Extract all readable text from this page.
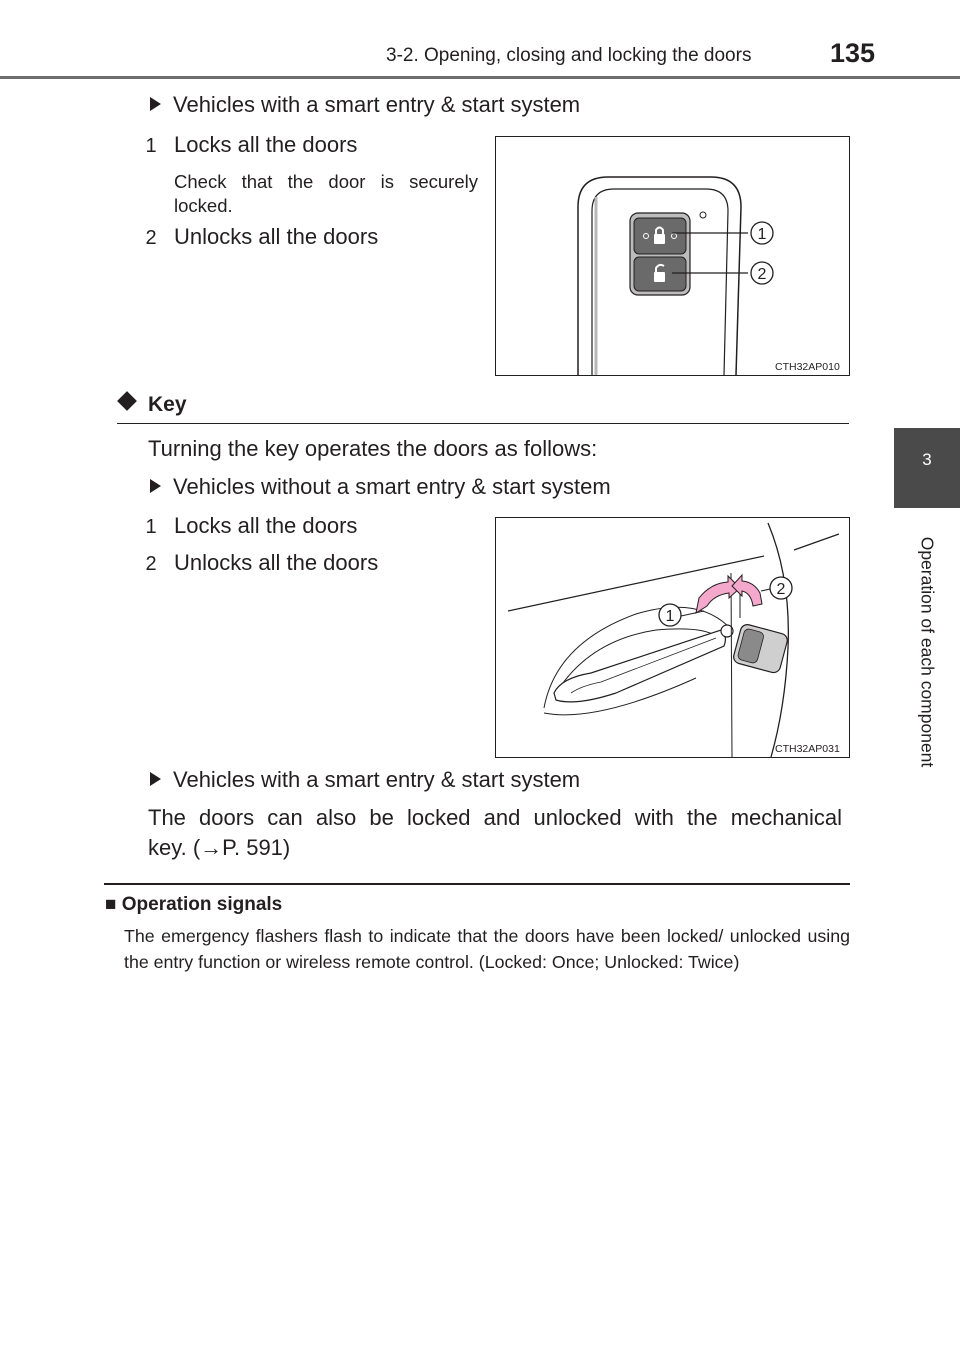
3-2. Opening, closing and locking the doors	135
3
Operation of each component
Vehicles with a smart entry & start system
1 Locks all the doors
Check that the door is securely locked.
2 Unlocks all the doors	1
2
CTH32AP010
Key
Turning the key operates the doors as follows:
Vehicles without a smart entry & start system
1 Locks all the doors
2 Unlocks all the doors
1
2
CTH32AP031
Vehicles with a smart entry & start system
The doors can also be locked and unlocked with the mechanical
key. (→P. 591)
■ Operation signals
The emergency flashers flash to indicate that the doors have been locked/ unlocked using the entry function or wireless remote control. (Locked: Once; Unlocked: Twice)
